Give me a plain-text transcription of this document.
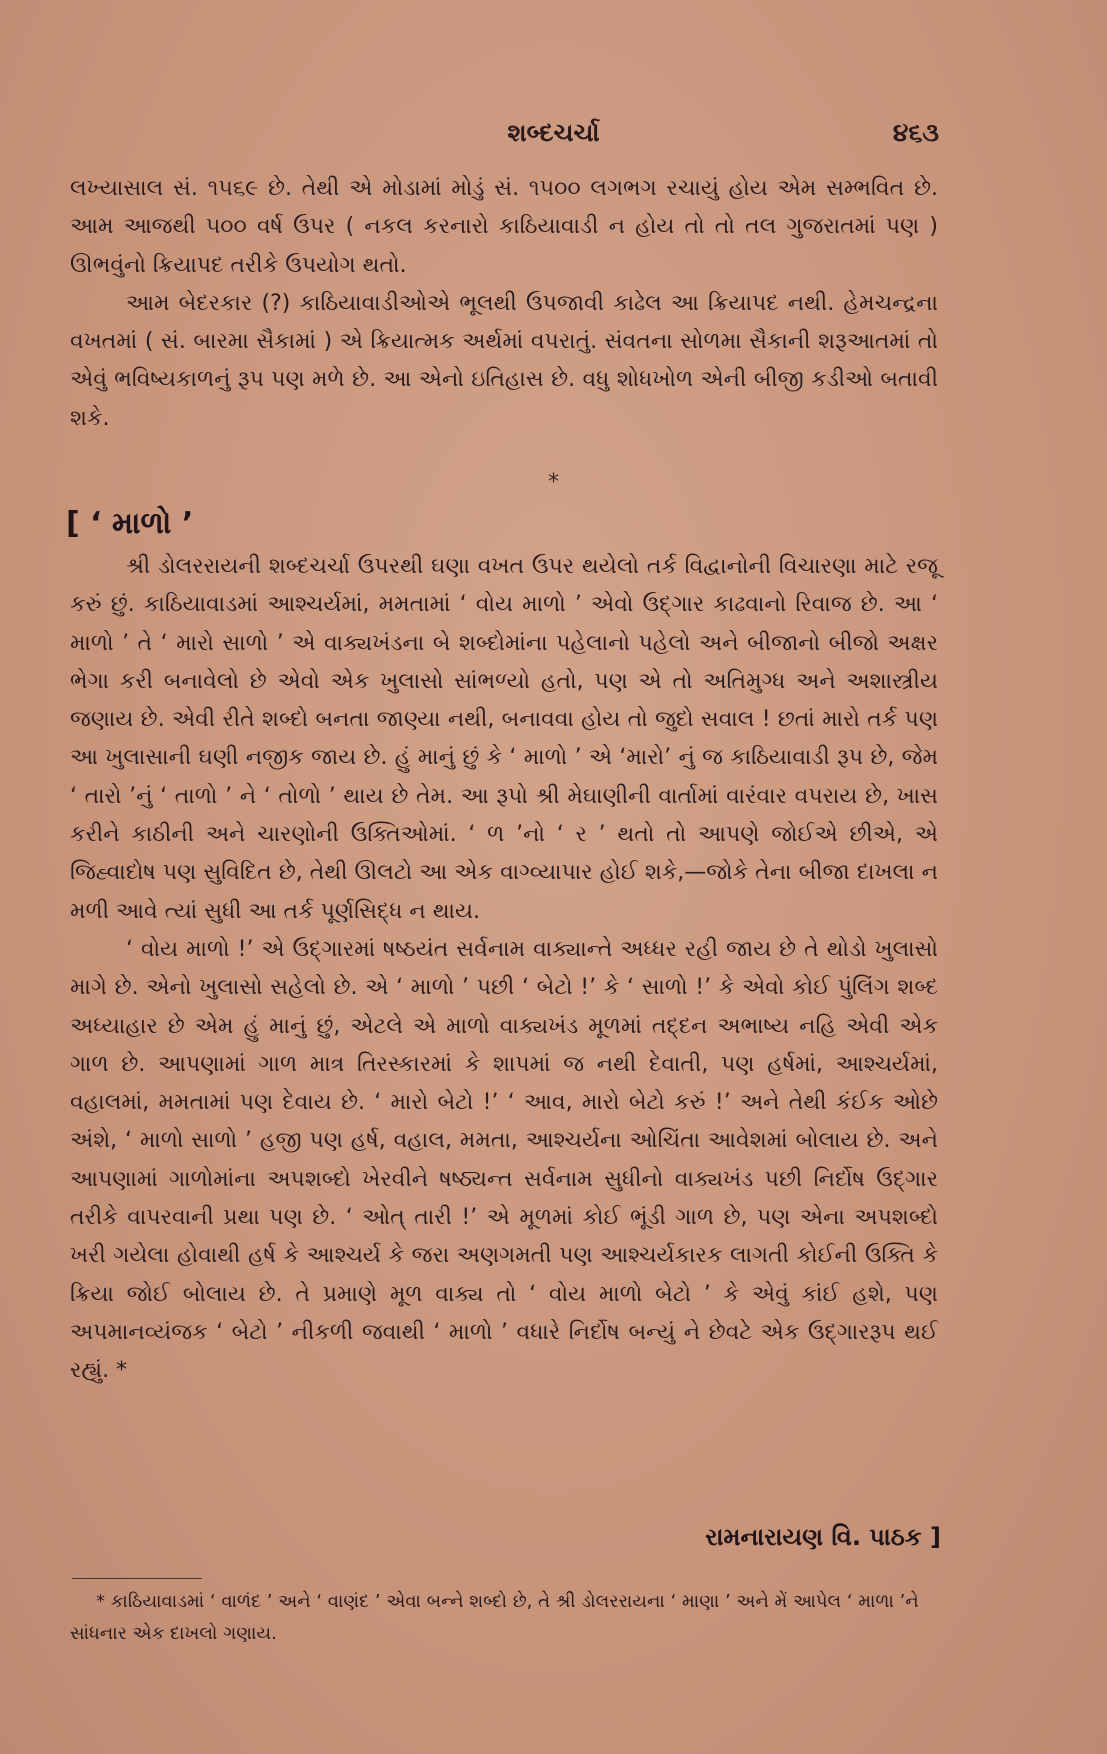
શબ્દચર્ચા	૪૬૩

લખ્યાસાલ સં. ૧૫૬૯ છે. તેથી એ મોડામાં મોડું સં. ૧૫૦૦ લગભગ રચાયું હોય એમ સમ્ભવિત છે. આમ આજથી ૫૦૦ વર્ષ ઉપર ( નકલ કરનારો કાઠિયાવાડી ન હોય તો તો તલ ગુજરાતમાં પણ ) ઊભવુંનો ક્રિયાપદ તરીકે ઉપયોગ થતો.

આમ બેદરકાર (?) કાઠિયાવાડીઓએ ભૂલથી ઉપજાવી કાઢેલ આ ક્રિયાપદ નથી. હેમચન્દ્રના વખતમાં ( સં. બારમા સૈકામાં ) એ ક્રિયાત્મક અર્થમાં વપરાતું. સંવતના સોળમા સૈકાની શરૂઆતમાં તો એવું ભવિષ્યકાળનું રૂપ પણ મળે છે. આ એનો ઇતિહાસ છે. વધુ શોધખોળ એની બીજી કડીઓ બતાવી શકે.

*
[ ‘ માળો ’

શ્રી ડોલરરાયની શબ્દચર્ચા ઉપરથી ઘણા વખત ઉપર થયેલો તર્ક વિદ્વાનોની વિચારણા માટે રજૂ કરું છું. કાઠિયાવાડમાં આશ્ચર્યમાં, મમતામાં ‘ વોય માળો ’ એવો ઉદ્ગાર કાઢવાનો રિવાજ છે. આ ‘ માળો ’ તે ‘ મારો સાળો ’ એ વાક્યખંડના બે શબ્દોમાંના પહેલાનો પહેલો અને બીજાનો બીજો અક્ષર ભેગા કરી બનાવેલો છે એવો એક ખુલાસો સાંભળ્યો હતો, પણ એ તો અતિમુગ્ધ અને અશાસ્ત્રીય જણાય છે. એવી રીતે શબ્દો બનતા જાણ્યા નથી, બનાવવા હોય તો જુદો સવાલ ! છતાં મારો તર્ક પણ આ ખુલાસાની ઘણી નજીક જાય છે. હું માનું છું કે ‘ માળો ’ એ ‘મારો’ નું જ કાઠિયાવાડી રૂપ છે, જેમ ‘ તારો ’નું ‘ તાળો ’ ને ‘ તોળો ’ થાય છે તેમ. આ રૂપો શ્રી મેઘાણીની વાર્તામાં વારંવાર વપરાય છે, ખાસ કરીને કાઠીની અને ચારણોની ઉક્તિઓમાં. ‘ ળ ’નો ‘ ર ’ થતો તો આપણે જોઈએ છીએ, એ જિહ્વાદોષ પણ સુવિદિત છે, તેથી ઊલટો આ એક વાગ્વ્યાપાર હોઈ શકે,—જોકે તેના બીજા દાખલા ન મળી આવે ત્યાં સુધી આ તર્ક પૂર્ણસિદ્ધ ન થાય.

‘ વોય માળો !’ એ ઉદ્ગારમાં ષષ્ઠયંત સર્વનામ વાક્યાન્તે અધ્ધર રહી જાય છે તે થોડો ખુલાસો માગે છે. એનો ખુલાસો સહેલો છે. એ ‘ માળો ’ પછી ‘ બેટો !’ કે ‘ સાળો !’ કે એવો કોઈ પુંલિંગ શબ્દ અધ્યાહાર છે એમ હું માનું છું, એટલે એ માળો વાક્યખંડ મૂળમાં તદ્દન અભાષ્ય નહિ એવી એક ગાળ છે. આપણામાં ગાળ માત્ર તિરસ્કારમાં કે શાપમાં જ નથી દેવાતી, પણ હર્ષમાં, આશ્ચર્યમાં, વહાલમાં, મમતામાં પણ દેવાય છે. ‘ મારો બેટો !’ ‘ આવ, મારો બેટો કરું !’ અને તેથી કંઈક ઓછે અંશે, ‘ માળો સાળો ’ હજી પણ હર્ષ, વહાલ, મમતા, આશ્ચર્યના ઓચિંતા આવેશમાં બોલાય છે. અને આપણામાં ગાળોમાંના અપશબ્દો ખેરવીને ષષ્ઠ્યન્ત સર્વનામ સુધીનો વાક્યખંડ પછી નિર્દોષ ઉદ્ગાર તરીકે વાપરવાની પ્રથા પણ છે. ‘ ઓત્ તારી !’ એ મૂળમાં કોઈ ભૂંડી ગાળ છે, પણ એના અપશબ્દો ખરી ગયેલા હોવાથી હર્ષ કે આશ્ચર્ય કે જરા અણગમતી પણ આશ્ચર્યકારક લાગતી કોઈની ઉક્તિ કે ક્રિયા જોઈ બોલાય છે. તે પ્રમાણે મૂળ વાક્ય તો ‘ વોય માળો બેટો ’ કે એવું કાંઈ હશે, પણ અપમાનવ્યંજક ‘ બેટો ’ નીકળી જવાથી ‘ માળો ’ વધારે નિર્દોષ બન્યું ને છેવટે એક ઉદ્ગારરૂપ થઈ રહ્યું. *

રામનારાયણ વિ. પાઠક ]

* કાઠિયાવાડમાં ‘ વાળંદ ’ અને ‘ વાણંદ ’ એવા બન્ને શબ્દો છે, તે શ્રી ડોલરરાયના ‘ માણા ’ અને મેં આપેલ ‘ માળા ’ને સાંધનાર એક દાખલો ગણાય.
